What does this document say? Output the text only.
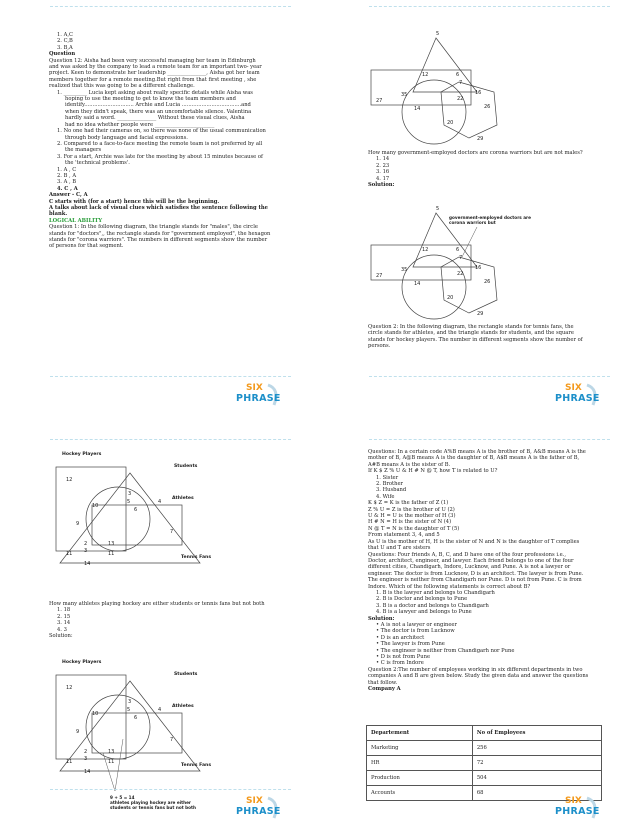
1. A,C
2. C,B
3. B,A
Question
Question 12: Aisha had been very successful managing her team in Edinburgh
and was asked by the company to lead a remote team for an important two- year
project. Keen to demonstrate her leadership _______________, Aisha got her team
members together for a remote meeting.But right from that first meeting , she
realized that this was going to be a different challenge.
1. _________ Lucia kept asking about really specific details while Aisha was
hoping to use the meeting to get to know the team members and
identify.............................. Archie and Lucia ....................................and
when they didn't speak, there was an uncomfortable silence. Valentina
hardly said a word. _______________ Without these visual clues, Aisha
had no idea whether people were _______________________
1. No one had their cameras on, so there was none of the usual communication
through body language and facial expressions.
2. Compared to a face-to-face meeting the remote team is not preferred by all
the managers
3. For a start, Archie was late for the meeting by about 15 minutes because of
the 'technical problems'.
1. A , C
2. B , A
3. A , B
4. C , A
Answer - C, A
C starts with (for a start) hence this will be the beginning.
A talks about lack of visual clues which satisfies the sentence following the
blank.
LOGICAL ABILITY
Question 1: In the following diagram, the triangle stands for "males", the circle
stands for "doctors",, the rectangle stands for "government employed", the hexagon
stands for "corona warriors". The numbers in different segments show the number
of persons for that segment.
5
12	6
7
27
35
22
16
26
14
20
29
How many government-employed doctors are corona warriors but are not males?
1. 14
2. 23
3. 16
4. 17
Solution:
government-employed doctors are
corona warriors but
5
12	6
7
27
35
22
16
26
14
20
29
Question 2: In the following diagram, the rectangle stands for tennis fans, the
circle stands for athletes, and the triangle stands for students, and the square
stands for hockey players. The number in different segments show the number of
persons.
SIX
PHRASE
Hockey Players
Students
Athletes
Tennis Fans
12
10
5
3
6
4
9
7
11
2	13
3	11
14
How many athletes playing hockey are either students or tennis fans but not both
1. 18
2. 15
3. 14
4. 3
Solution:
Hockey Players
Students
Athletes
Tennis Fans
9 + 5 = 14
athletes playing hockey are either
students or tennis fans but not both
12
10
5
3
6
4
9
7
11
2	13
3	11
14
SIX
PHRASE
Questions: In a certain code A%B means A is the brother of B, A&B means A is the
mother of B, A@B means A is the daughter of B, A$B means A is the father of B,
A#B means A is the sister of B.
If K $ Z % U & H # N @ T, how T is related to U?
1. Sister
2. Brother
3. Husband
4. Wife
K $ Z = K is the father of Z (1)
Z % U = Z is the brother of U (2)
U & H = U is the mother of H (3)
H # N = H is the sister of N (4)
N @ T = N is the daughter of T (5)
From statement 3, 4, and 5
As U is the mother of H, H is the sister of N and N is the daughter of T complies
that U and T are sisters
Questions: Four friends A, B, C, and D have one of the four professions i.e.,
Doctor, architect, engineer, and lawyer. Each friend belongs to one of the four
different cities, Chandigarh, Indore, Lucknow, and Pune. A is not a lawyer or
engineer. The doctor is from Lucknow, D is an architect. The lawyer is from Pune.
The engineer is neither from Chandigarh nor Pune. D is not from Pune. C is from
Indore. Which of the following statements is correct about B?
1. B is the lawyer and belongs to Chandigarh
2. B is Doctor and belongs to Pune
3. B is a doctor and belongs to Chandigarh
4. B is a lawyer and belongs to Pune
Solution:
• A is not a lawyer or engineer
• The doctor is from Lucknow
• D is an architect
• The lawyer is from Pune
• The engineer is neither from Chandigarh nor Pune
• D is not from Pune
• C is from Indore
Question 2:The number of employees working in six different departments in two
companies A and B are given below. Study the given data and answer the questions
that follow.
Company A
Departement	No of Employees
Marketing	256
HR	72
Production	504
Accounts	68
SIX
PHRASE
SIX
PHRASE
